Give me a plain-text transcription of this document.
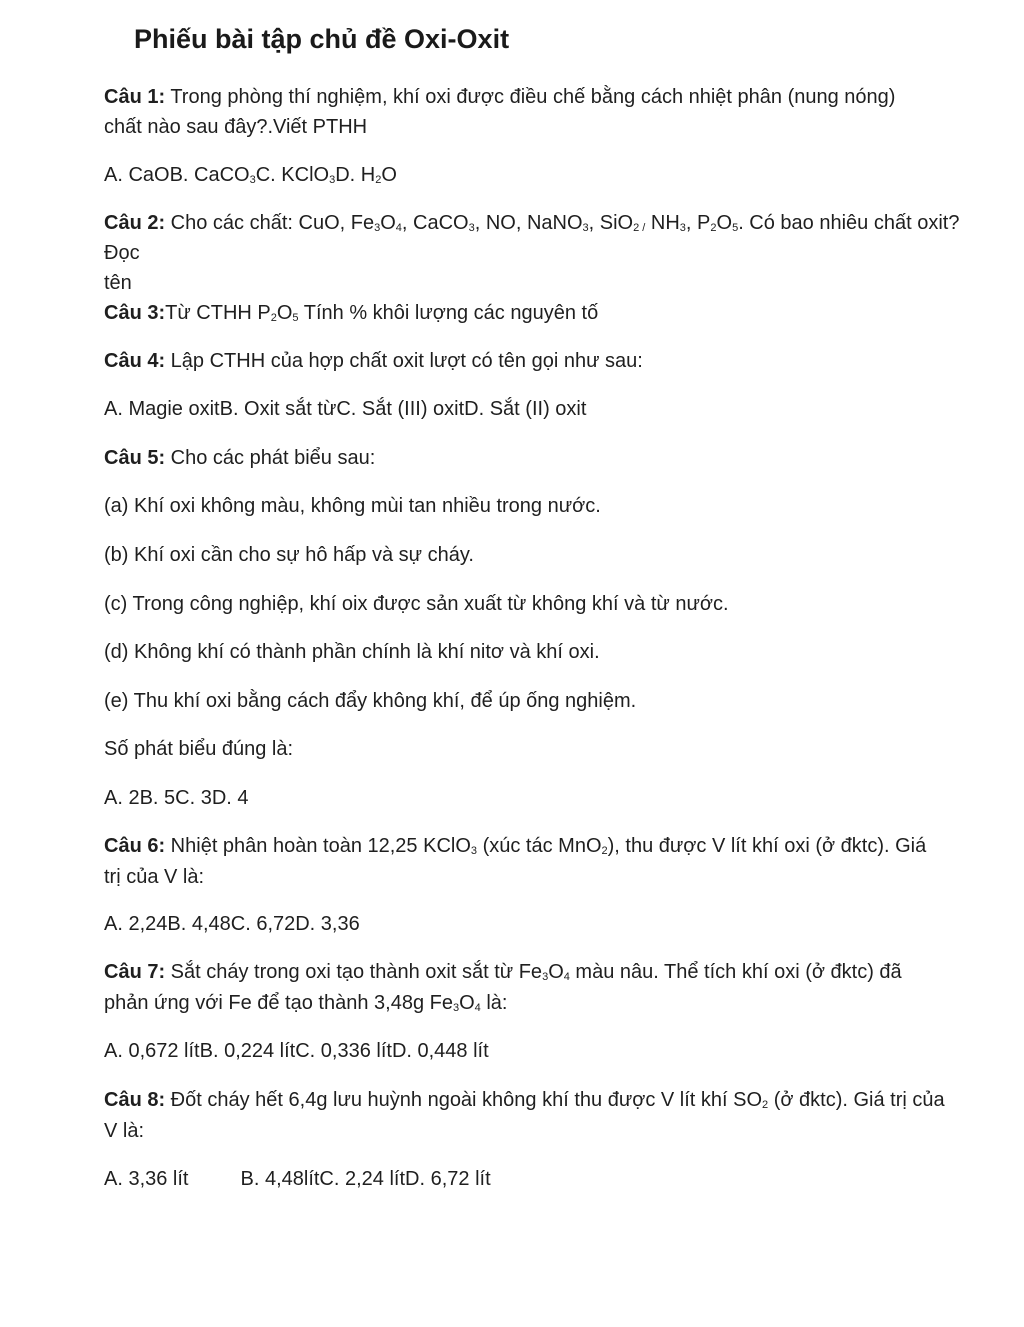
Phiếu bài tập chủ đề Oxi-Oxit
Câu 1: Trong phòng thí nghiệm, khí oxi được điều chế bằng cách nhiệt phân (nung nóng)
chất nào sau đây?.Viết PTHH
A. CaOB. CaCO$_3$C. KClO$_3$D. $H_2O$
Câu 2: Cho các chất: CuO, $Fe_3O_4$, CaCO$_3$, NO, NaNO$_3$, SiO$_{2 /}$ $NH_3$, $P_2O_5$. Có bao nhiêu chất oxit?
Đọc
tên
Câu 3:Từ CTHH $P_2O_5$ Tính % khôi lượng các nguyên tố
Câu 4: Lập CTHH của hợp chất oxit lượt có tên gọi như sau:
A. Magie oxitB. Oxit sắt từC. Sắt (III) oxitD. Sắt (II) oxit
Câu 5: Cho các phát biểu sau:
(a) Khí oxi không màu, không mùi tan nhiều trong nước.
(b) Khí oxi cần cho sự hô hấp và sự cháy.
(c) Trong công nghiệp, khí oix được sản xuất từ không khí và từ nước.
(d) Không khí có thành phần chính là khí nitơ và khí oxi.
(e) Thu khí oxi bằng cách đẩy không khí, để úp ống nghiệm.
Số phát biểu đúng là:
A. 2B. 5C. 3D. 4
Câu 6: Nhiệt phân hoàn toàn 12,25 KClO$_3$ (xúc tác MnO$_2$), thu được V lít khí oxi (ở đktc). Giá
trị của V là:
A. 2,24B. 4,48C. 6,72D. 3,36
Câu 7: Sắt cháy trong oxi tạo thành oxit sắt từ $Fe_3O_4$ màu nâu. Thể tích khí oxi (ở đktc) đã
phản ứng với Fe để tạo thành 3,48g $Fe_3O_4$ là:
A. 0,672 lítB. 0,224 lítC. 0,336 lítD. 0,448 lít
Câu 8: Đốt cháy hết 6,4g lưu huỳnh ngoài không khí thu được V lít khí $SO_2$ (ở đktc). Giá trị của
V là:
A. 3,36 lít	B. 4,48lítC. 2,24 lítD. 6,72 lít
